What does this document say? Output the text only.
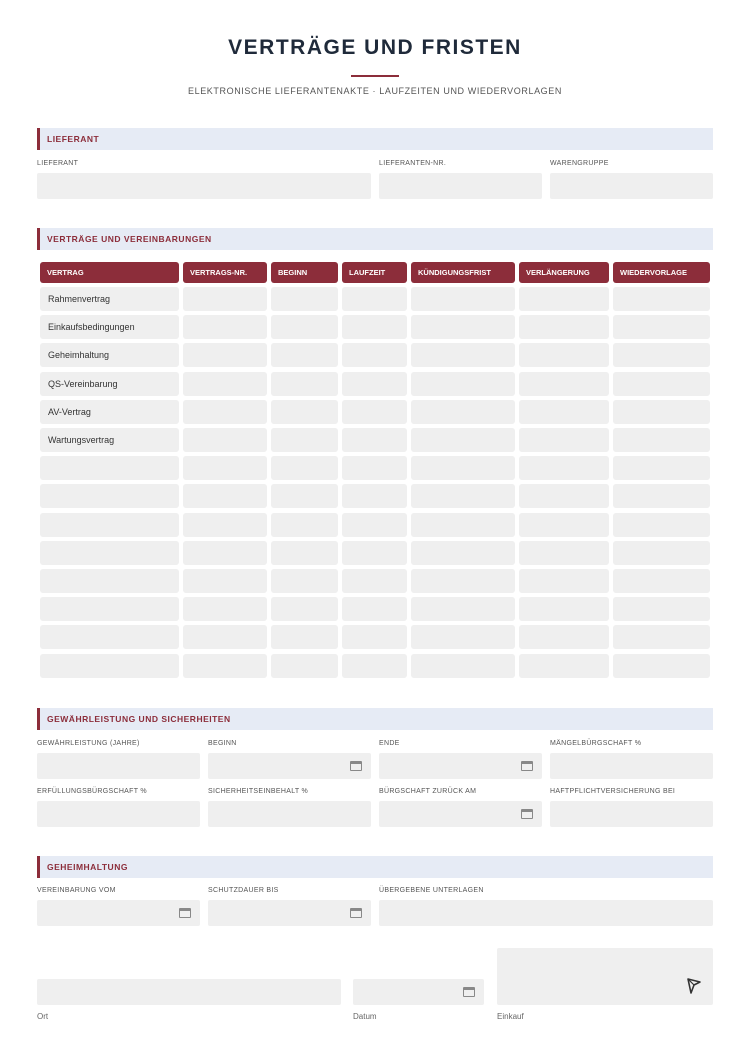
VERTRÄGE UND FRISTEN
ELEKTRONISCHE LIEFERANTENAKTE · LAUFZEITEN UND WIEDERVORLAGEN
LIEFERANT
LIEFERANT	LIEFERANTEN-NR.	WARENGRUPPE
VERTRÄGE UND VEREINBARUNGEN
VERTRAG	VERTRAGS-NR.	BEGINN	LAUFZEIT	KÜNDIGUNGSFRIST	VERLÄNGERUNG	WIEDERVORLAGE
Rahmenvertrag
Einkaufsbedingungen
Geheimhaltung
QS-Vereinbarung
AV-Vertrag
Wartungsvertrag
GEWÄHRLEISTUNG UND SICHERHEITEN
GEWÄHRLEISTUNG (JAHRE)	BEGINN	ENDE	MÄNGELBÜRGSCHAFT %
ERFÜLLUNGSBÜRGSCHAFT %	SICHERHEITSEINBEHALT %	BÜRGSCHAFT ZURÜCK AM	HAFTPFLICHTVERSICHERUNG BEI
GEHEIMHALTUNG
VEREINBARUNG VOM	SCHUTZDAUER BIS	ÜBERGEBENE UNTERLAGEN
Ort	Datum	Einkauf
